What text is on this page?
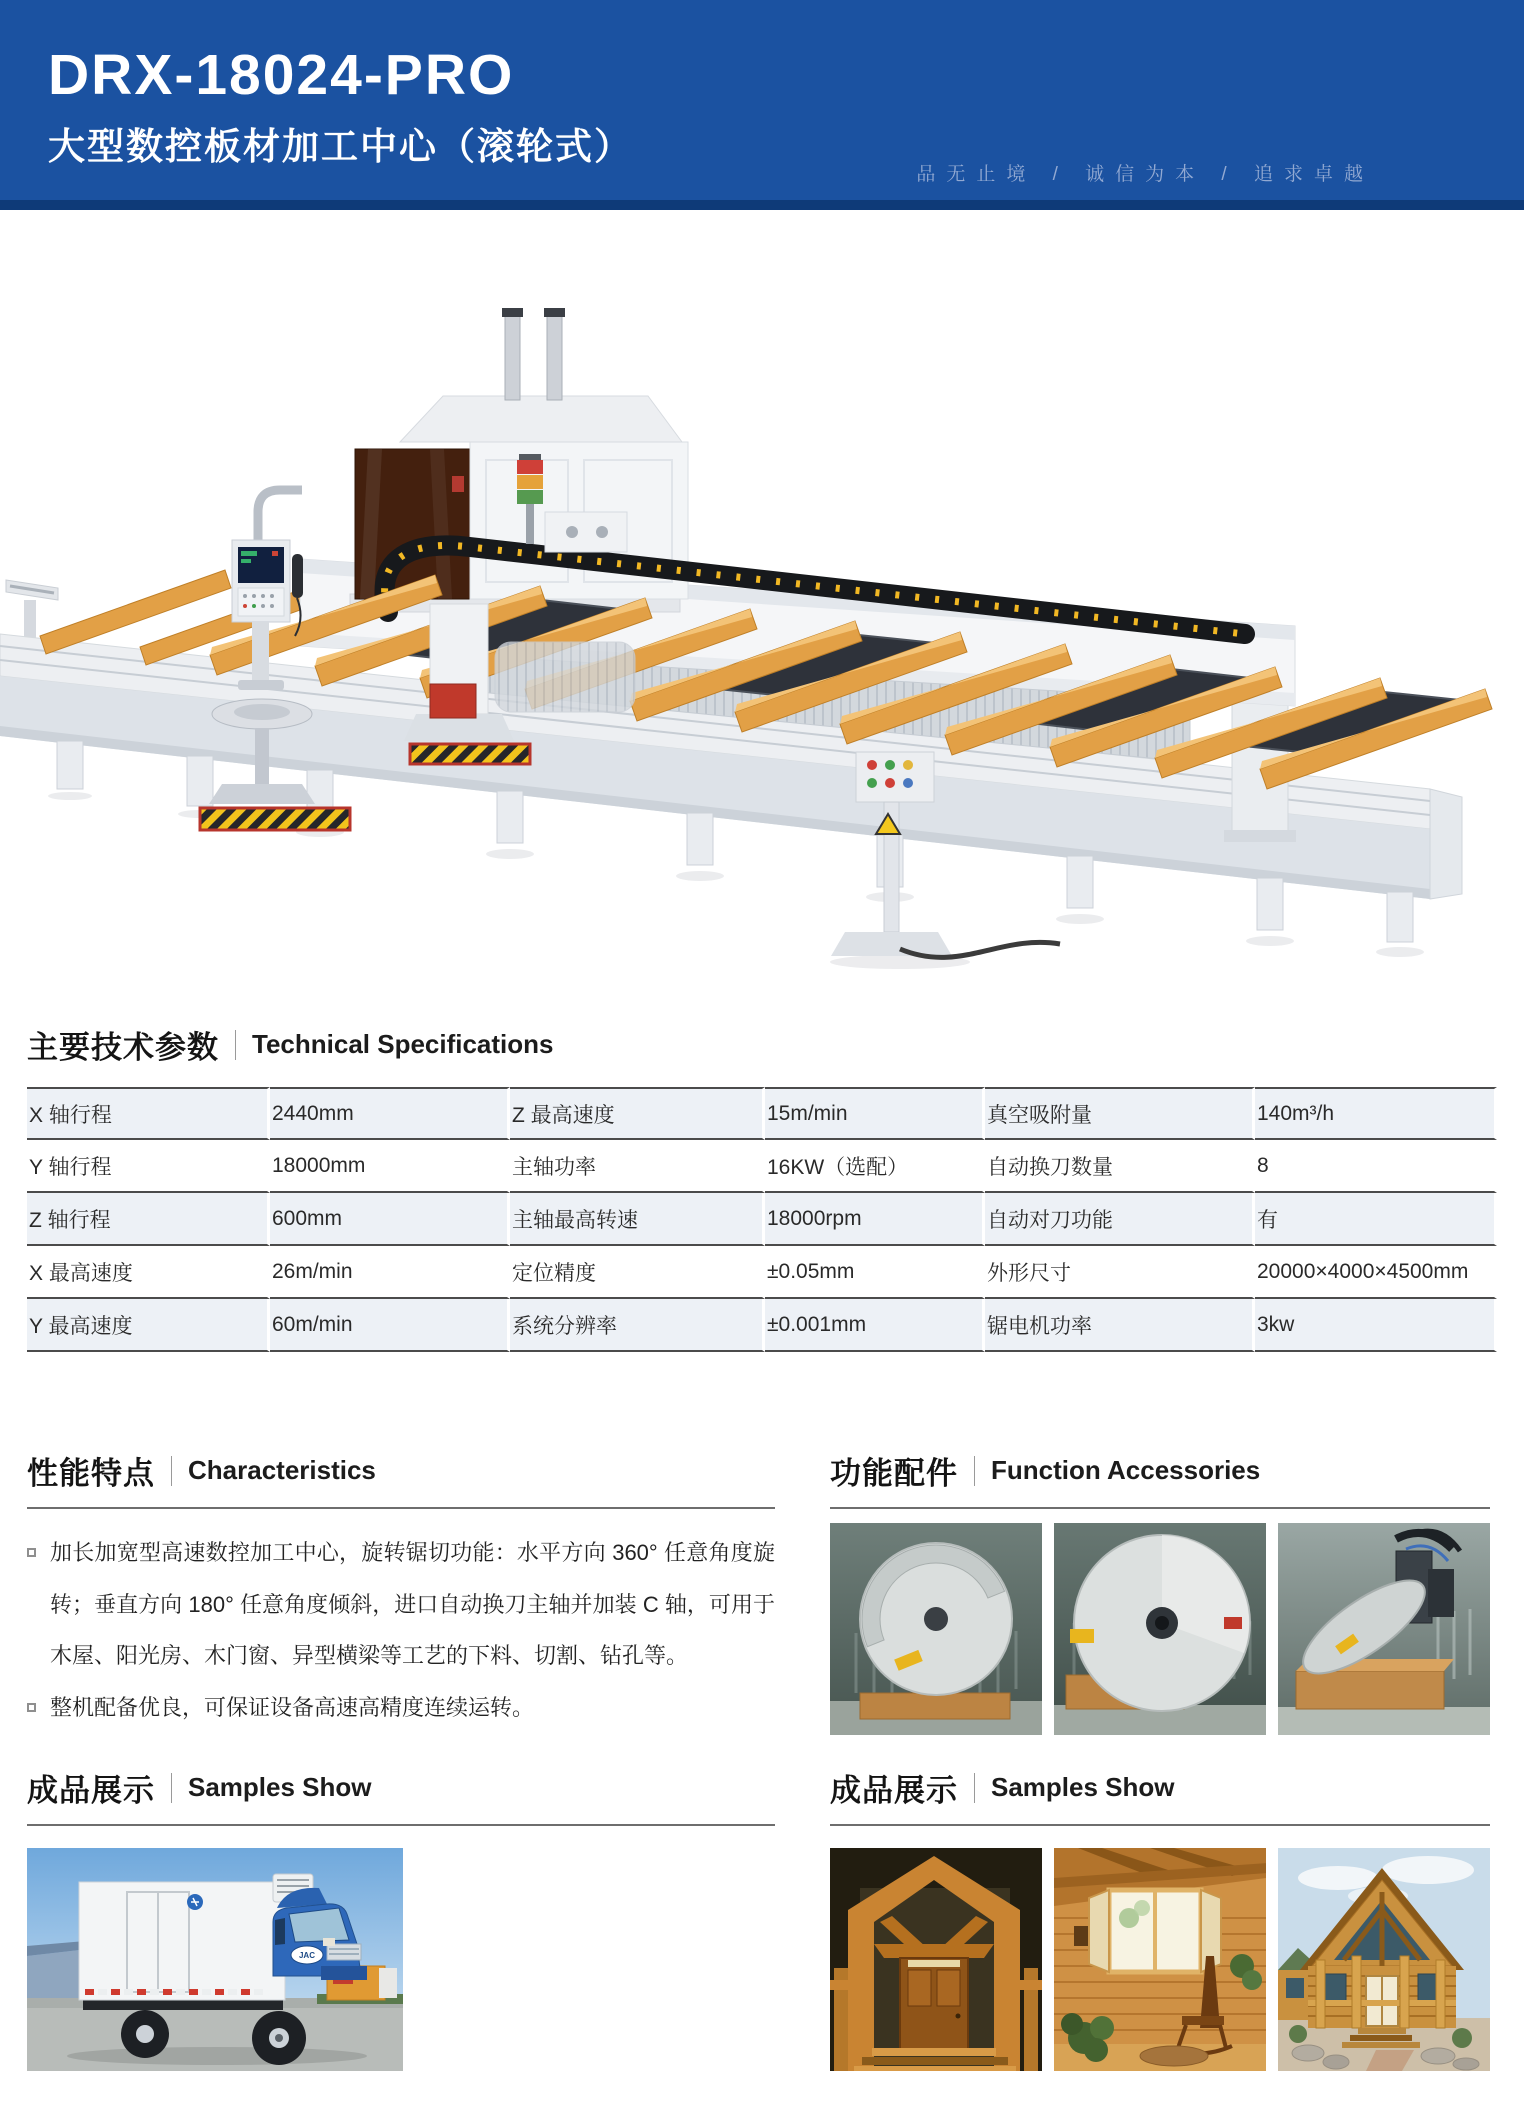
DRX-18024-PRO
大型数控板材加工中心（滚轮式）
品无止境 / 诚信为本 / 追求卓越
主要技术参数 Technical Specifications
X 轴行程	2440mm	Z 最高速度	15m/min	真空吸附量	140m³/h
Y 轴行程	18000mm	主轴功率	16KW（选配）	自动换刀数量	8
Z 轴行程	600mm	主轴最高转速	18000rpm	自动对刀功能	有
X 最高速度	26m/min	定位精度	±0.05mm	外形尺寸	20000×4000×4500mm
Y 最高速度	60m/min	系统分辨率	±0.001mm	锯电机功率	3kw
性能特点 Characteristics
加长加宽型高速数控加工中心，旋转锯切功能：水平方向 360° 任意角度旋转；垂直方向 180° 任意角度倾斜，进口自动换刀主轴并加装 C 轴，可用于木屋、阳光房、木门窗、异型横梁等工艺的下料、切割、钻孔等。
整机配备优良，可保证设备高速高精度连续运转。
功能配件 Function Accessories
成品展示 Samples Show
JAC
成品展示 Samples Show
